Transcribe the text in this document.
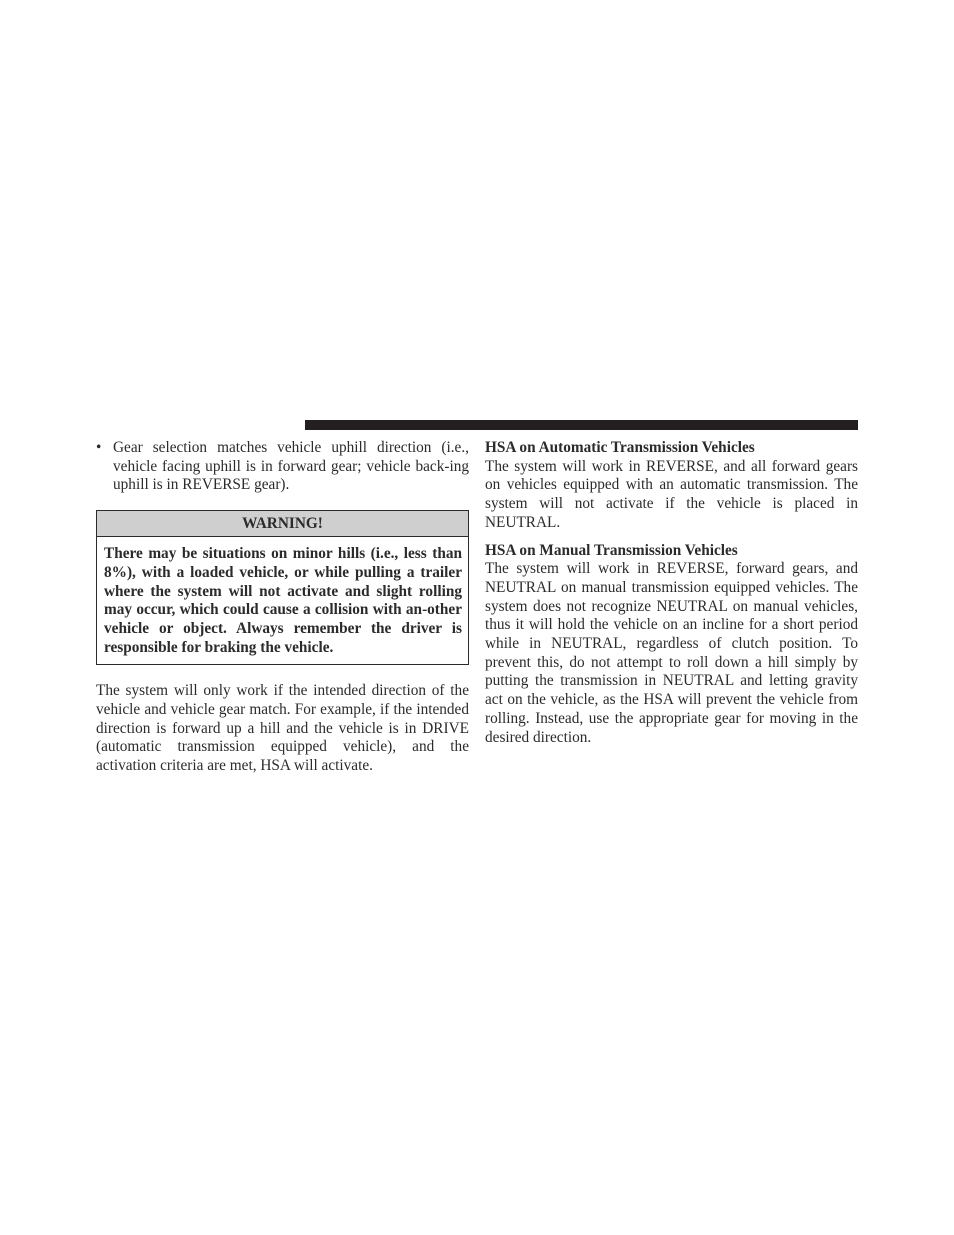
• Gear selection matches vehicle uphill direction (i.e., vehicle facing uphill is in forward gear; vehicle back-ing uphill is in REVERSE gear).

WARNING!
There may be situations on minor hills (i.e., less than 8%), with a loaded vehicle, or while pulling a trailer where the system will not activate and slight rolling may occur, which could cause a collision with an-other vehicle or object. Always remember the driver is responsible for braking the vehicle.

The system will only work if the intended direction of the vehicle and vehicle gear match. For example, if the intended direction is forward up a hill and the vehicle is in DRIVE (automatic transmission equipped vehicle), and the activation criteria are met, HSA will activate.

HSA on Automatic Transmission Vehicles

The system will work in REVERSE, and all forward gears on vehicles equipped with an automatic transmission. The system will not activate if the vehicle is placed in NEUTRAL.

HSA on Manual Transmission Vehicles

The system will work in REVERSE, forward gears, and NEUTRAL on manual transmission equipped vehicles. The system does not recognize NEUTRAL on manual vehicles, thus it will hold the vehicle on an incline for a short period while in NEUTRAL, regardless of clutch position. To prevent this, do not attempt to roll down a hill simply by putting the transmission in NEUTRAL and letting gravity act on the vehicle, as the HSA will prevent the vehicle from rolling. Instead, use the appropriate gear for moving in the desired direction.
